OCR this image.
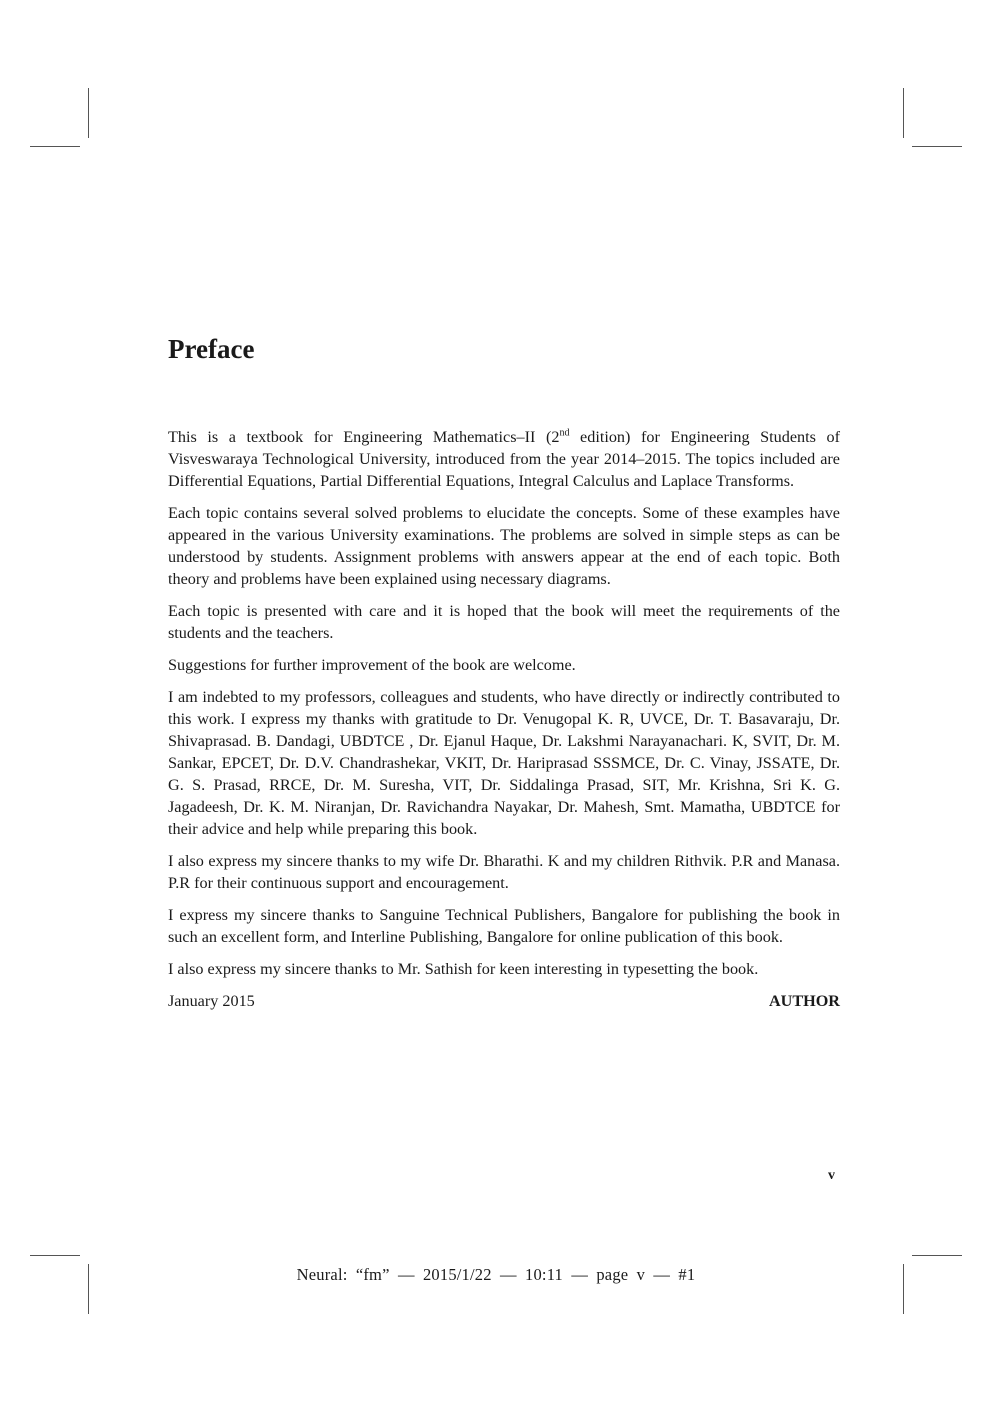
Preface

This is a textbook for Engineering Mathematics–II (2nd edition) for Engineering Students of Visveswaraya Technological University, introduced from the year 2014–2015. The topics included are Differential Equations, Partial Differential Equations, Integral Calculus and Laplace Transforms.

Each topic contains several solved problems to elucidate the concepts. Some of these examples have appeared in the various University examinations. The problems are solved in simple steps as can be understood by students. Assignment problems with answers appear at the end of each topic. Both theory and problems have been explained using necessary diagrams.

Each topic is presented with care and it is hoped that the book will meet the requirements of the students and the teachers.

Suggestions for further improvement of the book are welcome.

I am indebted to my professors, colleagues and students, who have directly or indirectly contributed to this work. I express my thanks with gratitude to Dr. Venugopal K. R, UVCE, Dr. T. Basavaraju, Dr. Shivaprasad. B. Dandagi, UBDTCE , Dr. Ejanul Haque, Dr. Lakshmi Narayanachari. K, SVIT, Dr. M. Sankar, EPCET, Dr. D.V. Chandrashekar, VKIT, Dr. Hariprasad SSSMCE, Dr. C. Vinay, JSSATE, Dr. G. S. Prasad, RRCE, Dr. M. Suresha, VIT, Dr. Siddalinga Prasad, SIT, Mr. Krishna, Sri K. G. Jagadeesh, Dr. K. M. Niranjan, Dr. Ravichandra Nayakar, Dr. Mahesh, Smt. Mamatha, UBDTCE for their advice and help while preparing this book.

I also express my sincere thanks to my wife Dr. Bharathi. K and my children Rithvik. P.R and Manasa. P.R for their continuous support and encouragement.

I express my sincere thanks to Sanguine Technical Publishers, Bangalore for publishing the book in such an excellent form, and Interline Publishing, Bangalore for online publication of this book.

I also express my sincere thanks to Mr. Sathish for keen interesting in typesetting the book.

January 2015	AUTHOR
v
Neural: “fm” — 2015/1/22 — 10:11 — page v — #1
